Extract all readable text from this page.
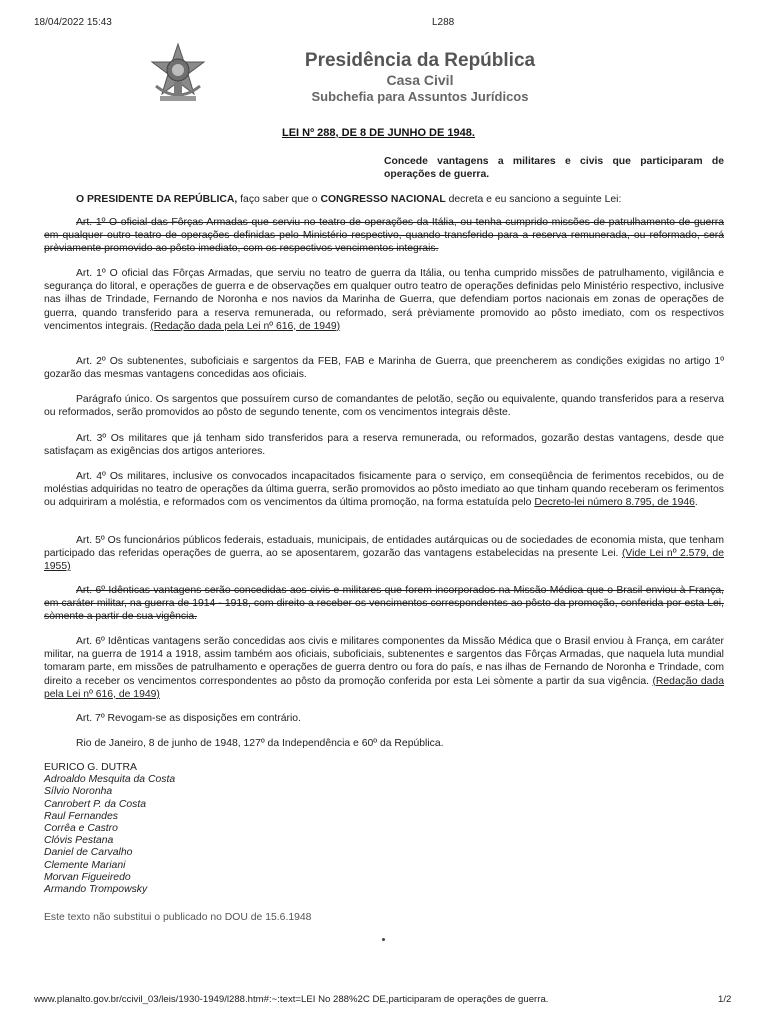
18/04/2022 15:43	L288
Presidência da República
Casa Civil
Subchefia para Assuntos Jurídicos
LEI Nº 288, DE 8 DE JUNHO DE 1948.
Concede vantagens a militares e civis que participaram de operações de guerra.

O PRESIDENTE DA REPÚBLICA, faço saber que o CONGRESSO NACIONAL decreta e eu sanciono a seguinte Lei:

Art. 1º O oficial das Fôrças Armadas que serviu no teatro de operações da Itália, ou tenha cumprido missões de patrulhamento de guerra em qualquer outro teatro de operações definidas pelo Ministério respectivo, quando transferido para a reserva remunerada, ou reformado, será prèviamente promovido ao pôsto imediato, com os respectivos vencimentos integrais.

Art. 1º O oficial das Fôrças Armadas, que serviu no teatro de guerra da Itália, ou tenha cumprido missões de patrulhamento, vigilância e segurança do litoral, e operações de guerra e de observações em qualquer outro teatro de operações definidas pelo Ministério respectivo, inclusive nas ilhas de Trindade, Fernando de Noronha e nos navios da Marinha de Guerra, que defendiam portos nacionais em zonas de operações de guerra, quando transferido para a reserva remunerada, ou reformado, será prèviamente promovido ao pôsto imediato, com os respectivos vencimentos integrais. (Redação dada pela Lei nº 616, de 1949)

Art. 2º Os subtenentes, suboficiais e sargentos da FEB, FAB e Marinha de Guerra, que preencherem as condições exigidas no artigo 1º gozarão das mesmas vantagens concedidas aos oficiais.

Parágrafo único. Os sargentos que possuírem curso de comandantes de pelotão, seção ou equivalente, quando transferidos para a reserva ou reformados, serão promovidos ao pôsto de segundo tenente, com os vencimentos integrais dêste.

Art. 3º Os militares que já tenham sido transferidos para a reserva remunerada, ou reformados, gozarão destas vantagens, desde que satisfaçam as exigências dos artigos anteriores.

Art. 4º Os militares, inclusive os convocados incapacitados fisicamente para o serviço, em conseqüência de ferimentos recebidos, ou de moléstias adquiridas no teatro de operações da última guerra, serão promovidos ao pôsto imediato ao que tinham quando receberam os ferimentos ou adquiriram a moléstia, e reformados com os vencimentos da última promoção, na forma estatuída pelo Decreto-lei número 8.795, de 1946.

Art. 5º Os funcionários públicos federais, estaduais, municipais, de entidades autárquicas ou de sociedades de economia mista, que tenham participado das referidas operações de guerra, ao se aposentarem, gozarão das vantagens estabelecidas na presente Lei. (Vide Lei nº 2.579, de 1955)

Art. 6º Idênticas vantagens serão concedidas aos civis e militares que forem incorporados na Missão Médica que o Brasil enviou à França, em caráter militar, na guerra de 1914 - 1918, com direito a receber os vencimentos correspondentes ao pôsto da promoção, conferida por esta Lei, sòmente a partir de sua vigência.

Art. 6º Idênticas vantagens serão concedidas aos civis e militares componentes da Missão Médica que o Brasil enviou à França, em caráter militar, na guerra de 1914 a 1918, assim também aos oficiais, suboficiais, subtenentes e sargentos das Fôrças Armadas, que naquela luta mundial tomaram parte, em missões de patrulhamento e operações de guerra dentro ou fora do país, e nas ilhas de Fernando de Noronha e Trindade, com direito a receber os vencimentos correspondentes ao pôsto da promoção conferida por esta Lei sòmente a partir da sua vigência. (Redação dada pela Lei nº 616, de 1949)

Art. 7º Revogam-se as disposições em contrário.

Rio de Janeiro, 8 de junho de 1948, 127º da Independência e 60º da República.

EURICO G. DUTRA
Adroaldo Mesquita da Costa
Sílvio Noronha
Canrobert P. da Costa
Raul Fernandes
Corrêa e Castro
Clóvis Pestana
Daniel de Carvalho
Clemente Mariani
Morvan Figueiredo
Armando Trompowsky
Este texto não substitui o publicado no DOU de 15.6.1948
www.planalto.gov.br/ccivil_03/leis/1930-1949/l288.htm#:~:text=LEI No 288%2C DE,participaram de operações de guerra.	1/2
